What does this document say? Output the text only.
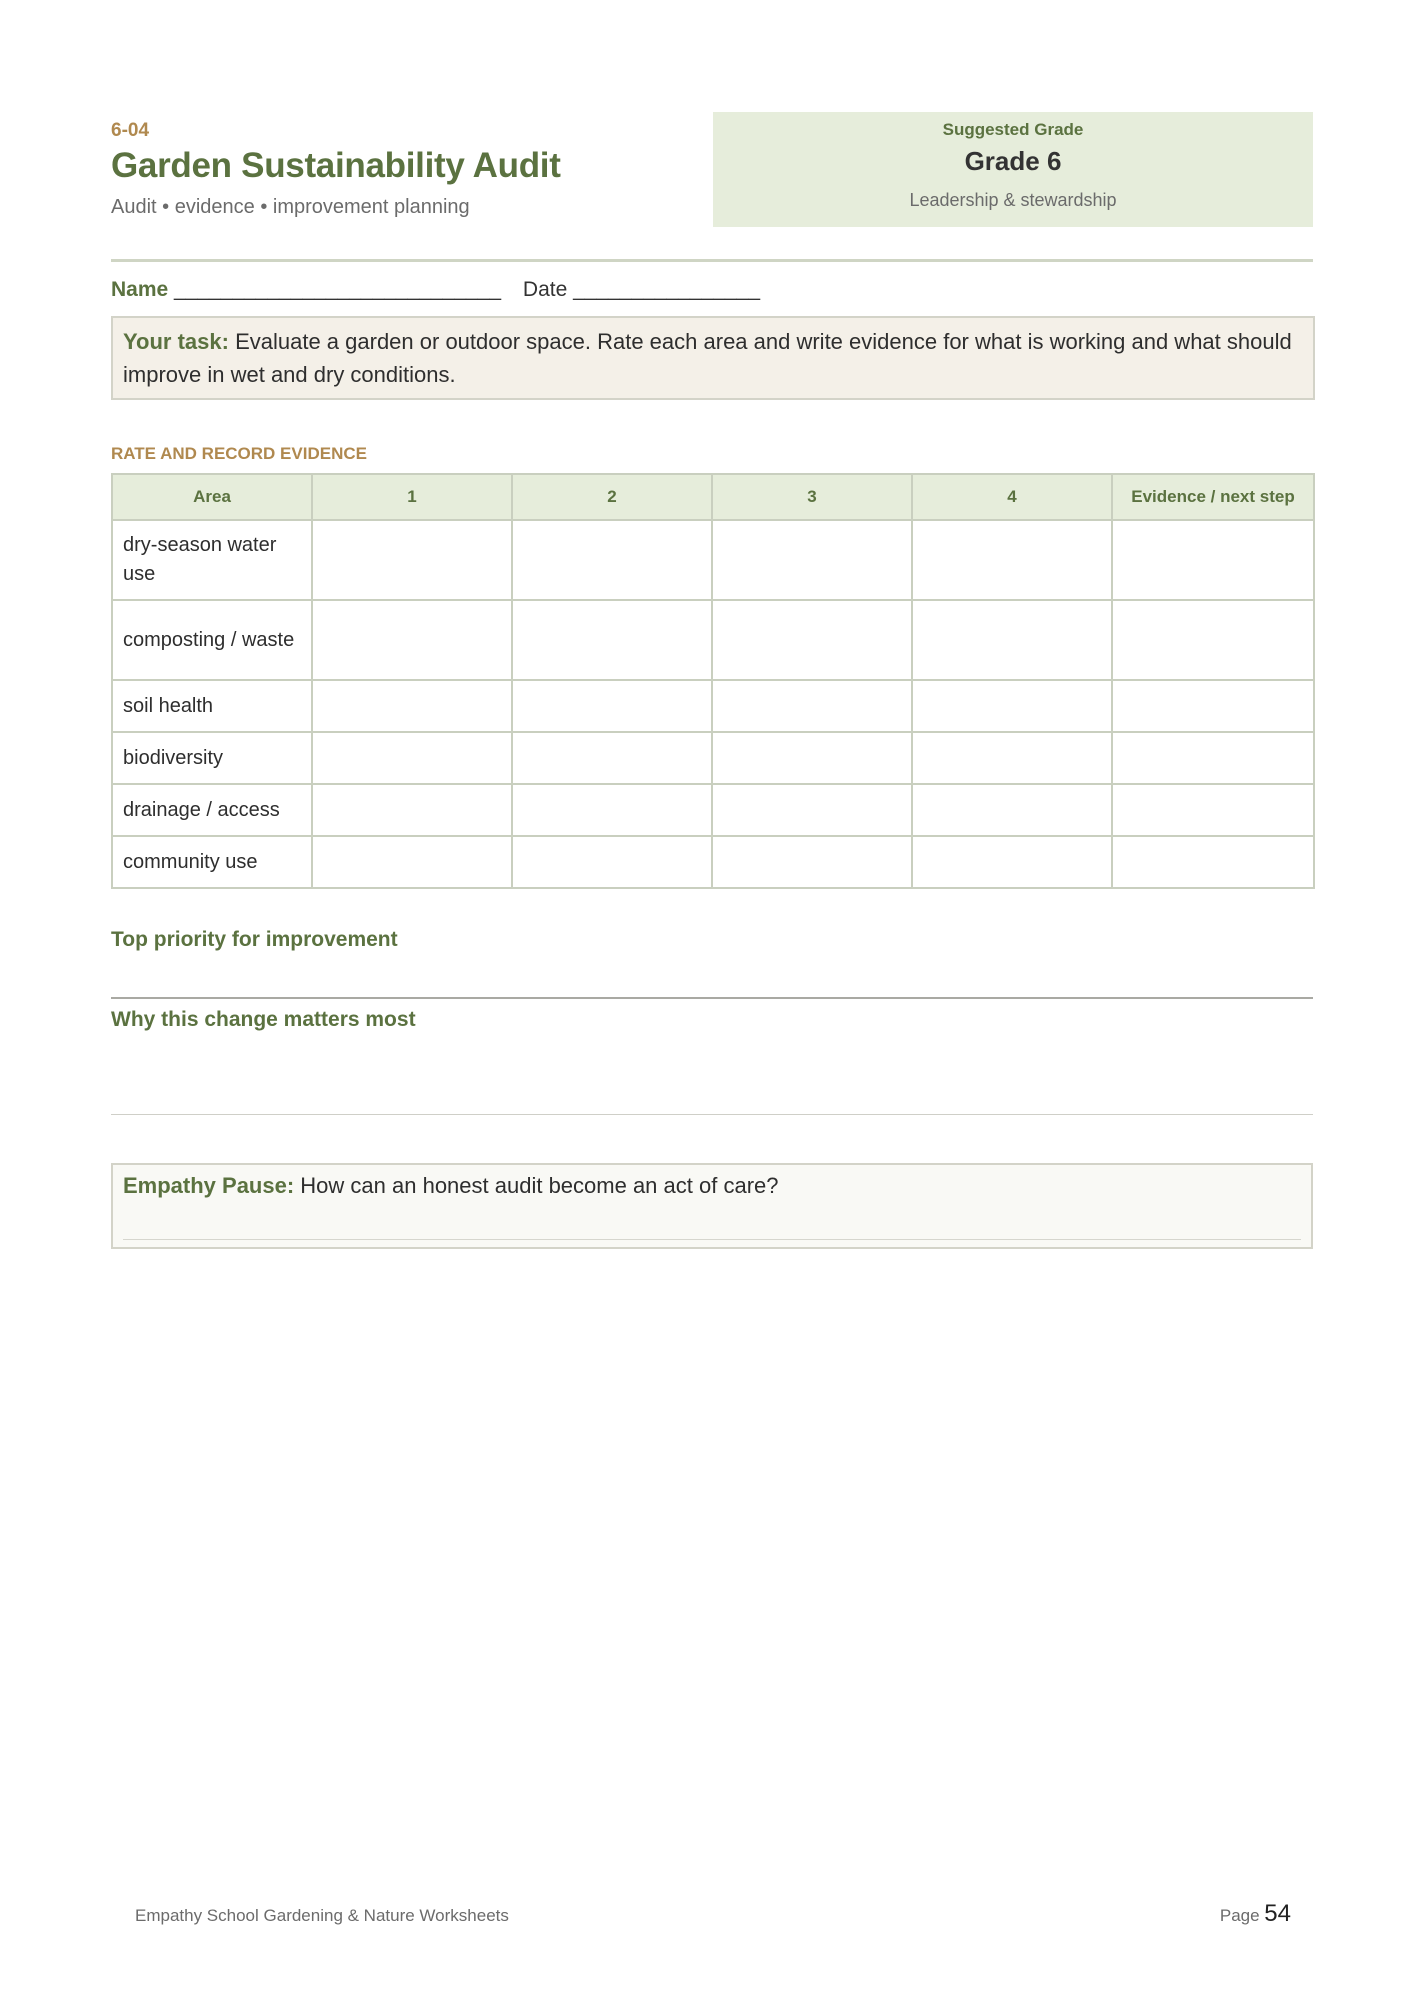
6-04
Garden Sustainability Audit
Audit • evidence • improvement planning
Suggested Grade
Grade 6
Leadership & stewardship
Name ____________________________ Date ________________
Your task: Evaluate a garden or outdoor space. Rate each area and write evidence for what is working and what should improve in wet and dry conditions.
RATE AND RECORD EVIDENCE
Area	1	2	3	4	Evidence / next step
dry-season water use					
composting / waste					
soil health					
biodiversity					
drainage / access					
community use					
Top priority for improvement
Why this change matters most
Empathy Pause: How can an honest audit become an act of care?
Empathy School Gardening & Nature Worksheets	Page 54
